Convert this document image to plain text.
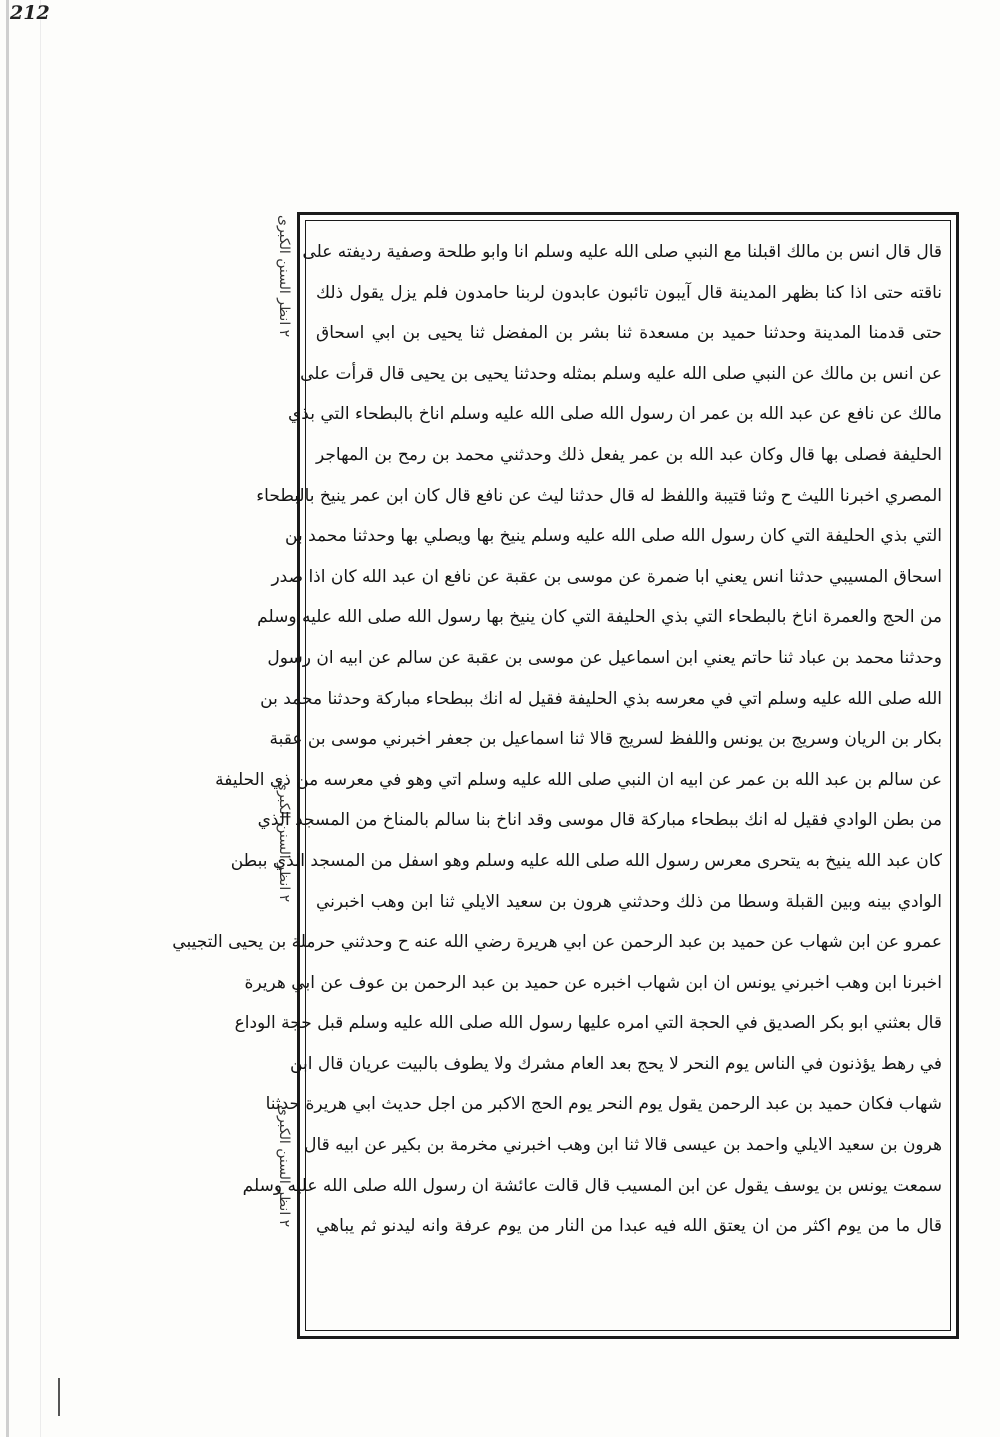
212
٢ انظر السنن الكبرى
٢ انظر السنن الكبرى
٢ انظر السنن الكبرى
قال قال انس بن مالك اقبلنا مع النبي صلى الله عليه وسلم انا وابو طلحة وصفية رديفته على
ناقته حتى اذا كنا بظهر المدينة قال آيبون تائبون عابدون لربنا حامدون فلم يزل يقول ذلك
حتى قدمنا المدينة وحدثنا حميد بن مسعدة ثنا بشر بن المفضل ثنا يحيى بن ابي اسحاق
عن انس بن مالك عن النبي صلى الله عليه وسلم بمثله وحدثنا يحيى بن يحيى قال قرأت على
مالك عن نافع عن عبد الله بن عمر ان رسول الله صلى الله عليه وسلم اناخ بالبطحاء التي بذي
الحليفة فصلى بها قال وكان عبد الله بن عمر يفعل ذلك وحدثني محمد بن رمح بن المهاجر
المصري اخبرنا الليث ح وثنا قتيبة واللفظ له قال حدثنا ليث عن نافع قال كان ابن عمر ينيخ بالبطحاء
التي بذي الحليفة التي كان رسول الله صلى الله عليه وسلم ينيخ بها ويصلي بها وحدثنا محمد بن
اسحاق المسيبي حدثنا انس يعني ابا ضمرة عن موسى بن عقبة عن نافع ان عبد الله كان اذا صدر
من الحج والعمرة اناخ بالبطحاء التي بذي الحليفة التي كان ينيخ بها رسول الله صلى الله عليه وسلم
وحدثنا محمد بن عباد ثنا حاتم يعني ابن اسماعيل عن موسى بن عقبة عن سالم عن ابيه ان رسول
الله صلى الله عليه وسلم اتي في معرسه بذي الحليفة فقيل له انك ببطحاء مباركة وحدثنا محمد بن
بكار بن الريان وسريج بن يونس واللفظ لسريج قالا ثنا اسماعيل بن جعفر اخبرني موسى بن عقبة
عن سالم بن عبد الله بن عمر عن ابيه ان النبي صلى الله عليه وسلم اتي وهو في معرسه من ذي الحليفة
من بطن الوادي فقيل له انك ببطحاء مباركة قال موسى وقد اناخ بنا سالم بالمناخ من المسجد الذي
كان عبد الله ينيخ به يتحرى معرس رسول الله صلى الله عليه وسلم وهو اسفل من المسجد الذي ببطن
الوادي بينه وبين القبلة وسطا من ذلك وحدثني هرون بن سعيد الايلي ثنا ابن وهب اخبرني
عمرو عن ابن شهاب عن حميد بن عبد الرحمن عن ابي هريرة رضي الله عنه ح وحدثني حرملة بن يحيى التجيبي
اخبرنا ابن وهب اخبرني يونس ان ابن شهاب اخبره عن حميد بن عبد الرحمن بن عوف عن ابي هريرة
قال بعثني ابو بكر الصديق في الحجة التي امره عليها رسول الله صلى الله عليه وسلم قبل حجة الوداع
في رهط يؤذنون في الناس يوم النحر لا يحج بعد العام مشرك ولا يطوف بالبيت عريان قال ابن
شهاب فكان حميد بن عبد الرحمن يقول يوم النحر يوم الحج الاكبر من اجل حديث ابي هريرة حدثنا
هرون بن سعيد الايلي واحمد بن عيسى قالا ثنا ابن وهب اخبرني مخرمة بن بكير عن ابيه قال
سمعت يونس بن يوسف يقول عن ابن المسيب قال قالت عائشة ان رسول الله صلى الله عليه وسلم
قال ما من يوم اكثر من ان يعتق الله فيه عبدا من النار من يوم عرفة وانه ليدنو ثم يباهي
